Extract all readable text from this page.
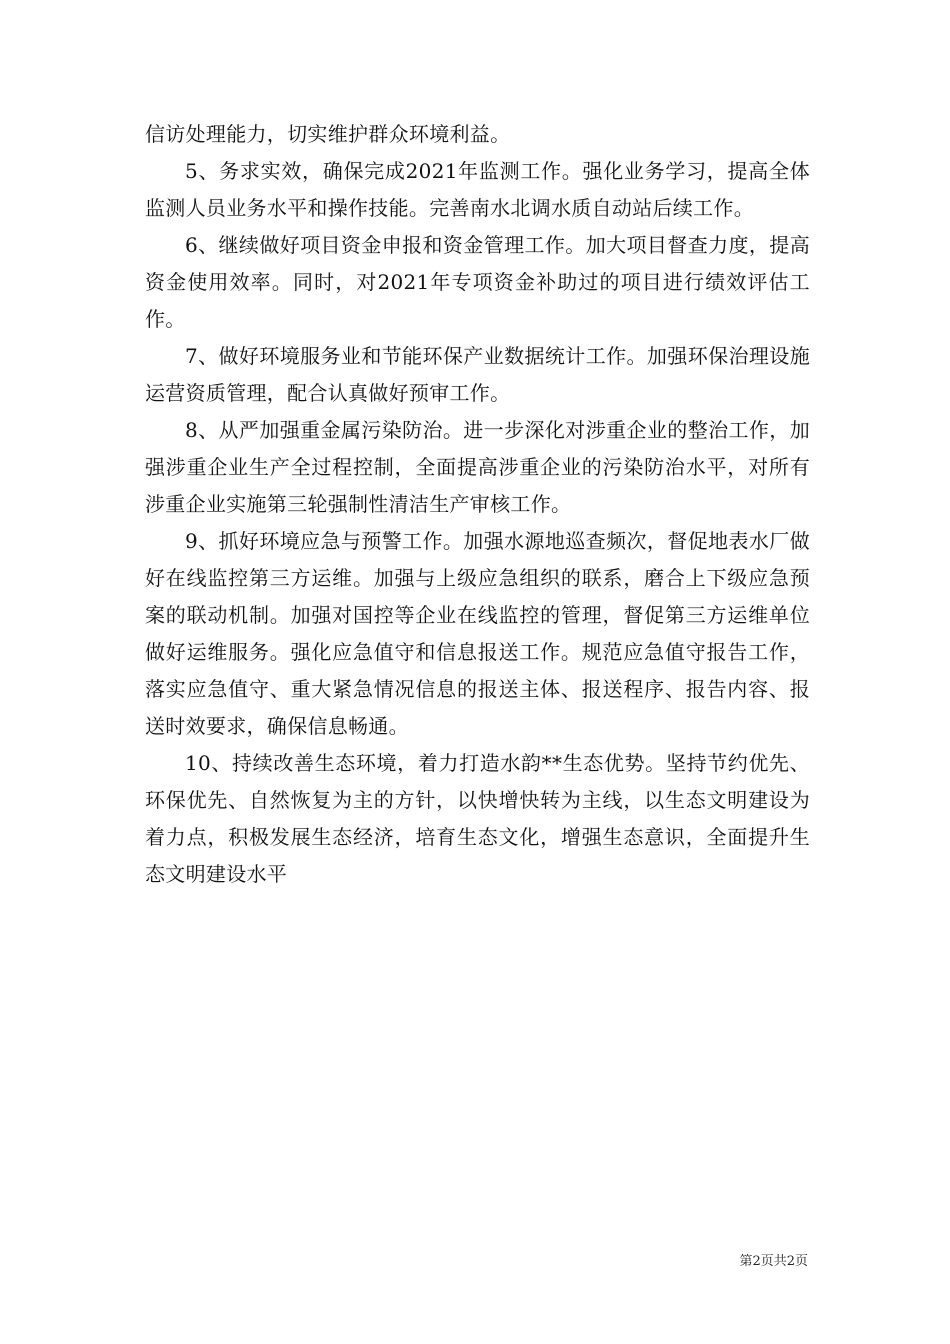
信访处理能力，切实维护群众环境利益。

5、务求实效，确保完成2021年监测工作。强化业务学习，提高全体监测人员业务水平和操作技能。完善南水北调水质自动站后续工作。

6、继续做好项目资金申报和资金管理工作。加大项目督查力度，提高资金使用效率。同时，对2021年专项资金补助过的项目进行绩效评估工作。

7、做好环境服务业和节能环保产业数据统计工作。加强环保治理设施运营资质管理，配合认真做好预审工作。

8、从严加强重金属污染防治。进一步深化对涉重企业的整治工作，加强涉重企业生产全过程控制，全面提高涉重企业的污染防治水平，对所有涉重企业实施第三轮强制性清洁生产审核工作。

9、抓好环境应急与预警工作。加强水源地巡查频次，督促地表水厂做好在线监控第三方运维。加强与上级应急组织的联系，磨合上下级应急预案的联动机制。加强对国控等企业在线监控的管理，督促第三方运维单位做好运维服务。强化应急值守和信息报送工作。规范应急值守报告工作，落实应急值守、重大紧急情况信息的报送主体、报送程序、报告内容、报送时效要求，确保信息畅通。

10、持续改善生态环境，着力打造水韵**生态优势。坚持节约优先、环保优先、自然恢复为主的方针，以快增快转为主线，以生态文明建设为着力点，积极发展生态经济，培育生态文化，增强生态意识，全面提升生态文明建设水平

第2页共2页
